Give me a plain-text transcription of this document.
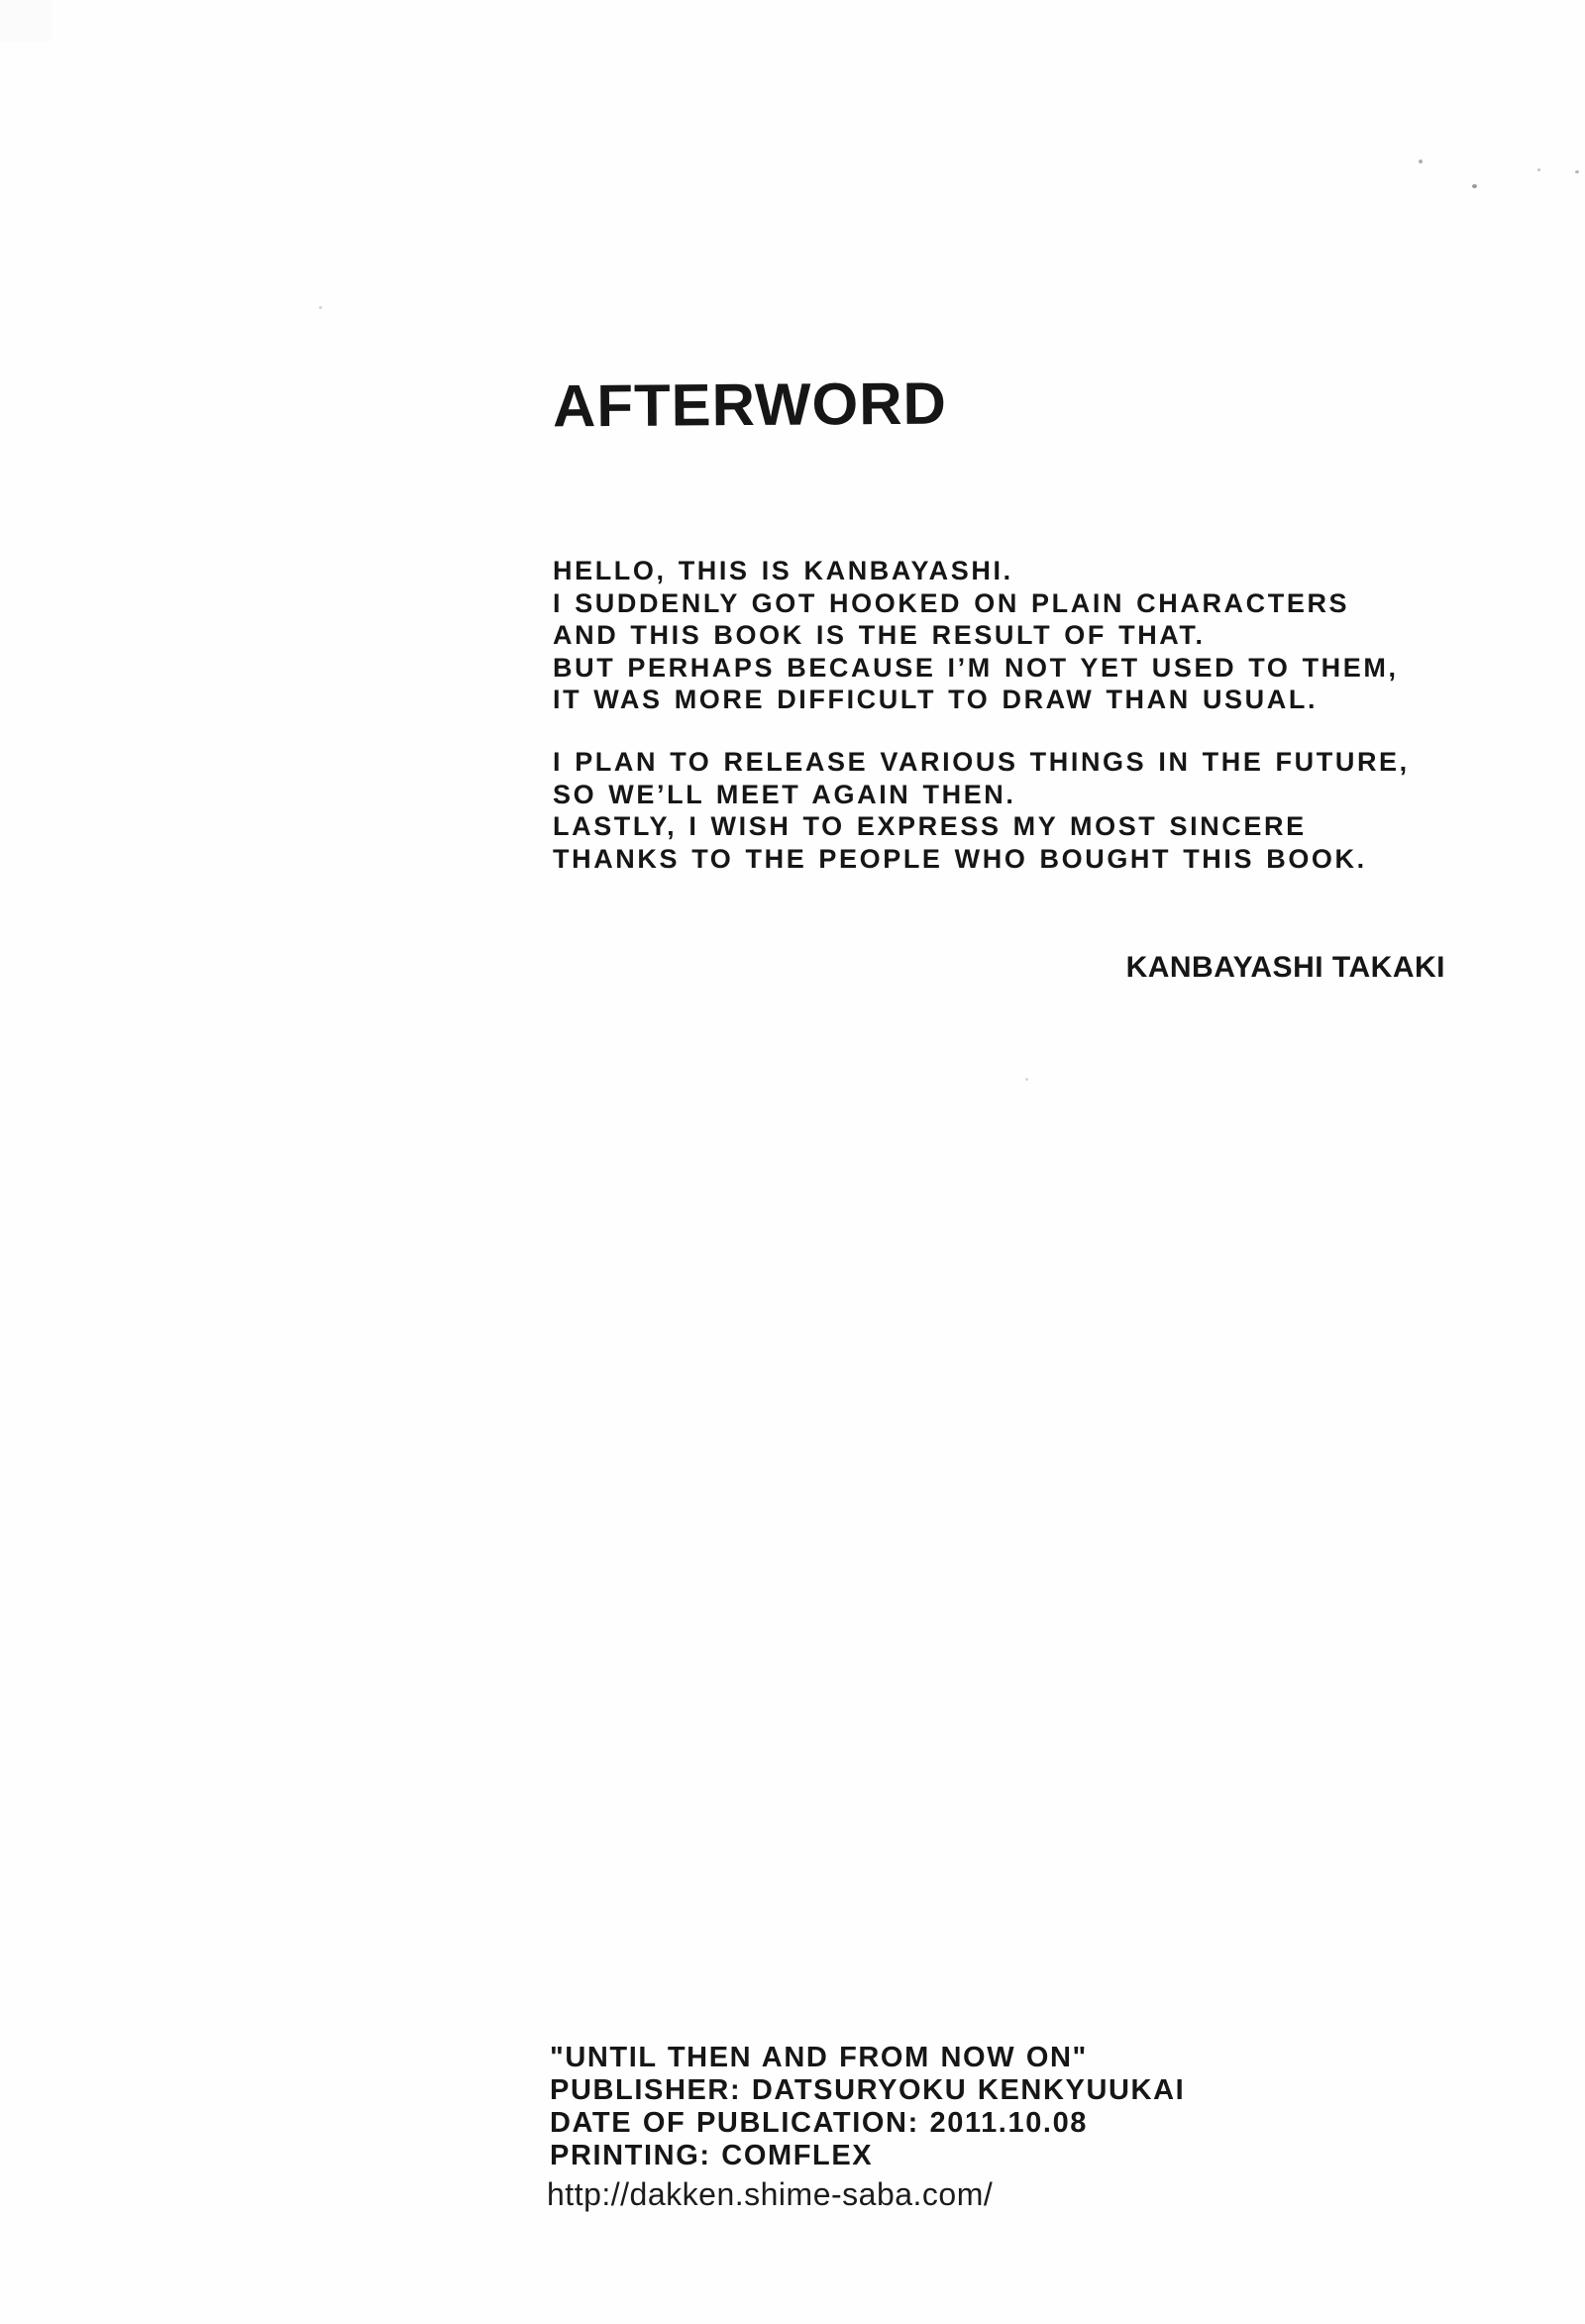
AFTERWORD
HELLO, THIS IS KANBAYASHI.
I SUDDENLY GOT HOOKED ON PLAIN CHARACTERS
AND THIS BOOK IS THE RESULT OF THAT.
BUT PERHAPS BECAUSE I’M NOT YET USED TO THEM,
IT WAS MORE DIFFICULT TO DRAW THAN USUAL.
I PLAN TO RELEASE VARIOUS THINGS IN THE FUTURE,
SO WE’LL MEET AGAIN THEN.
LASTLY, I WISH TO EXPRESS MY MOST SINCERE
THANKS TO THE PEOPLE WHO BOUGHT THIS BOOK.
KANBAYASHI TAKAKI
"UNTIL THEN AND FROM NOW ON"
PUBLISHER: DATSURYOKU KENKYUUKAI
DATE OF PUBLICATION: 2011.10.08
PRINTING: COMFLEX
http://dakken.shime-saba.com/
